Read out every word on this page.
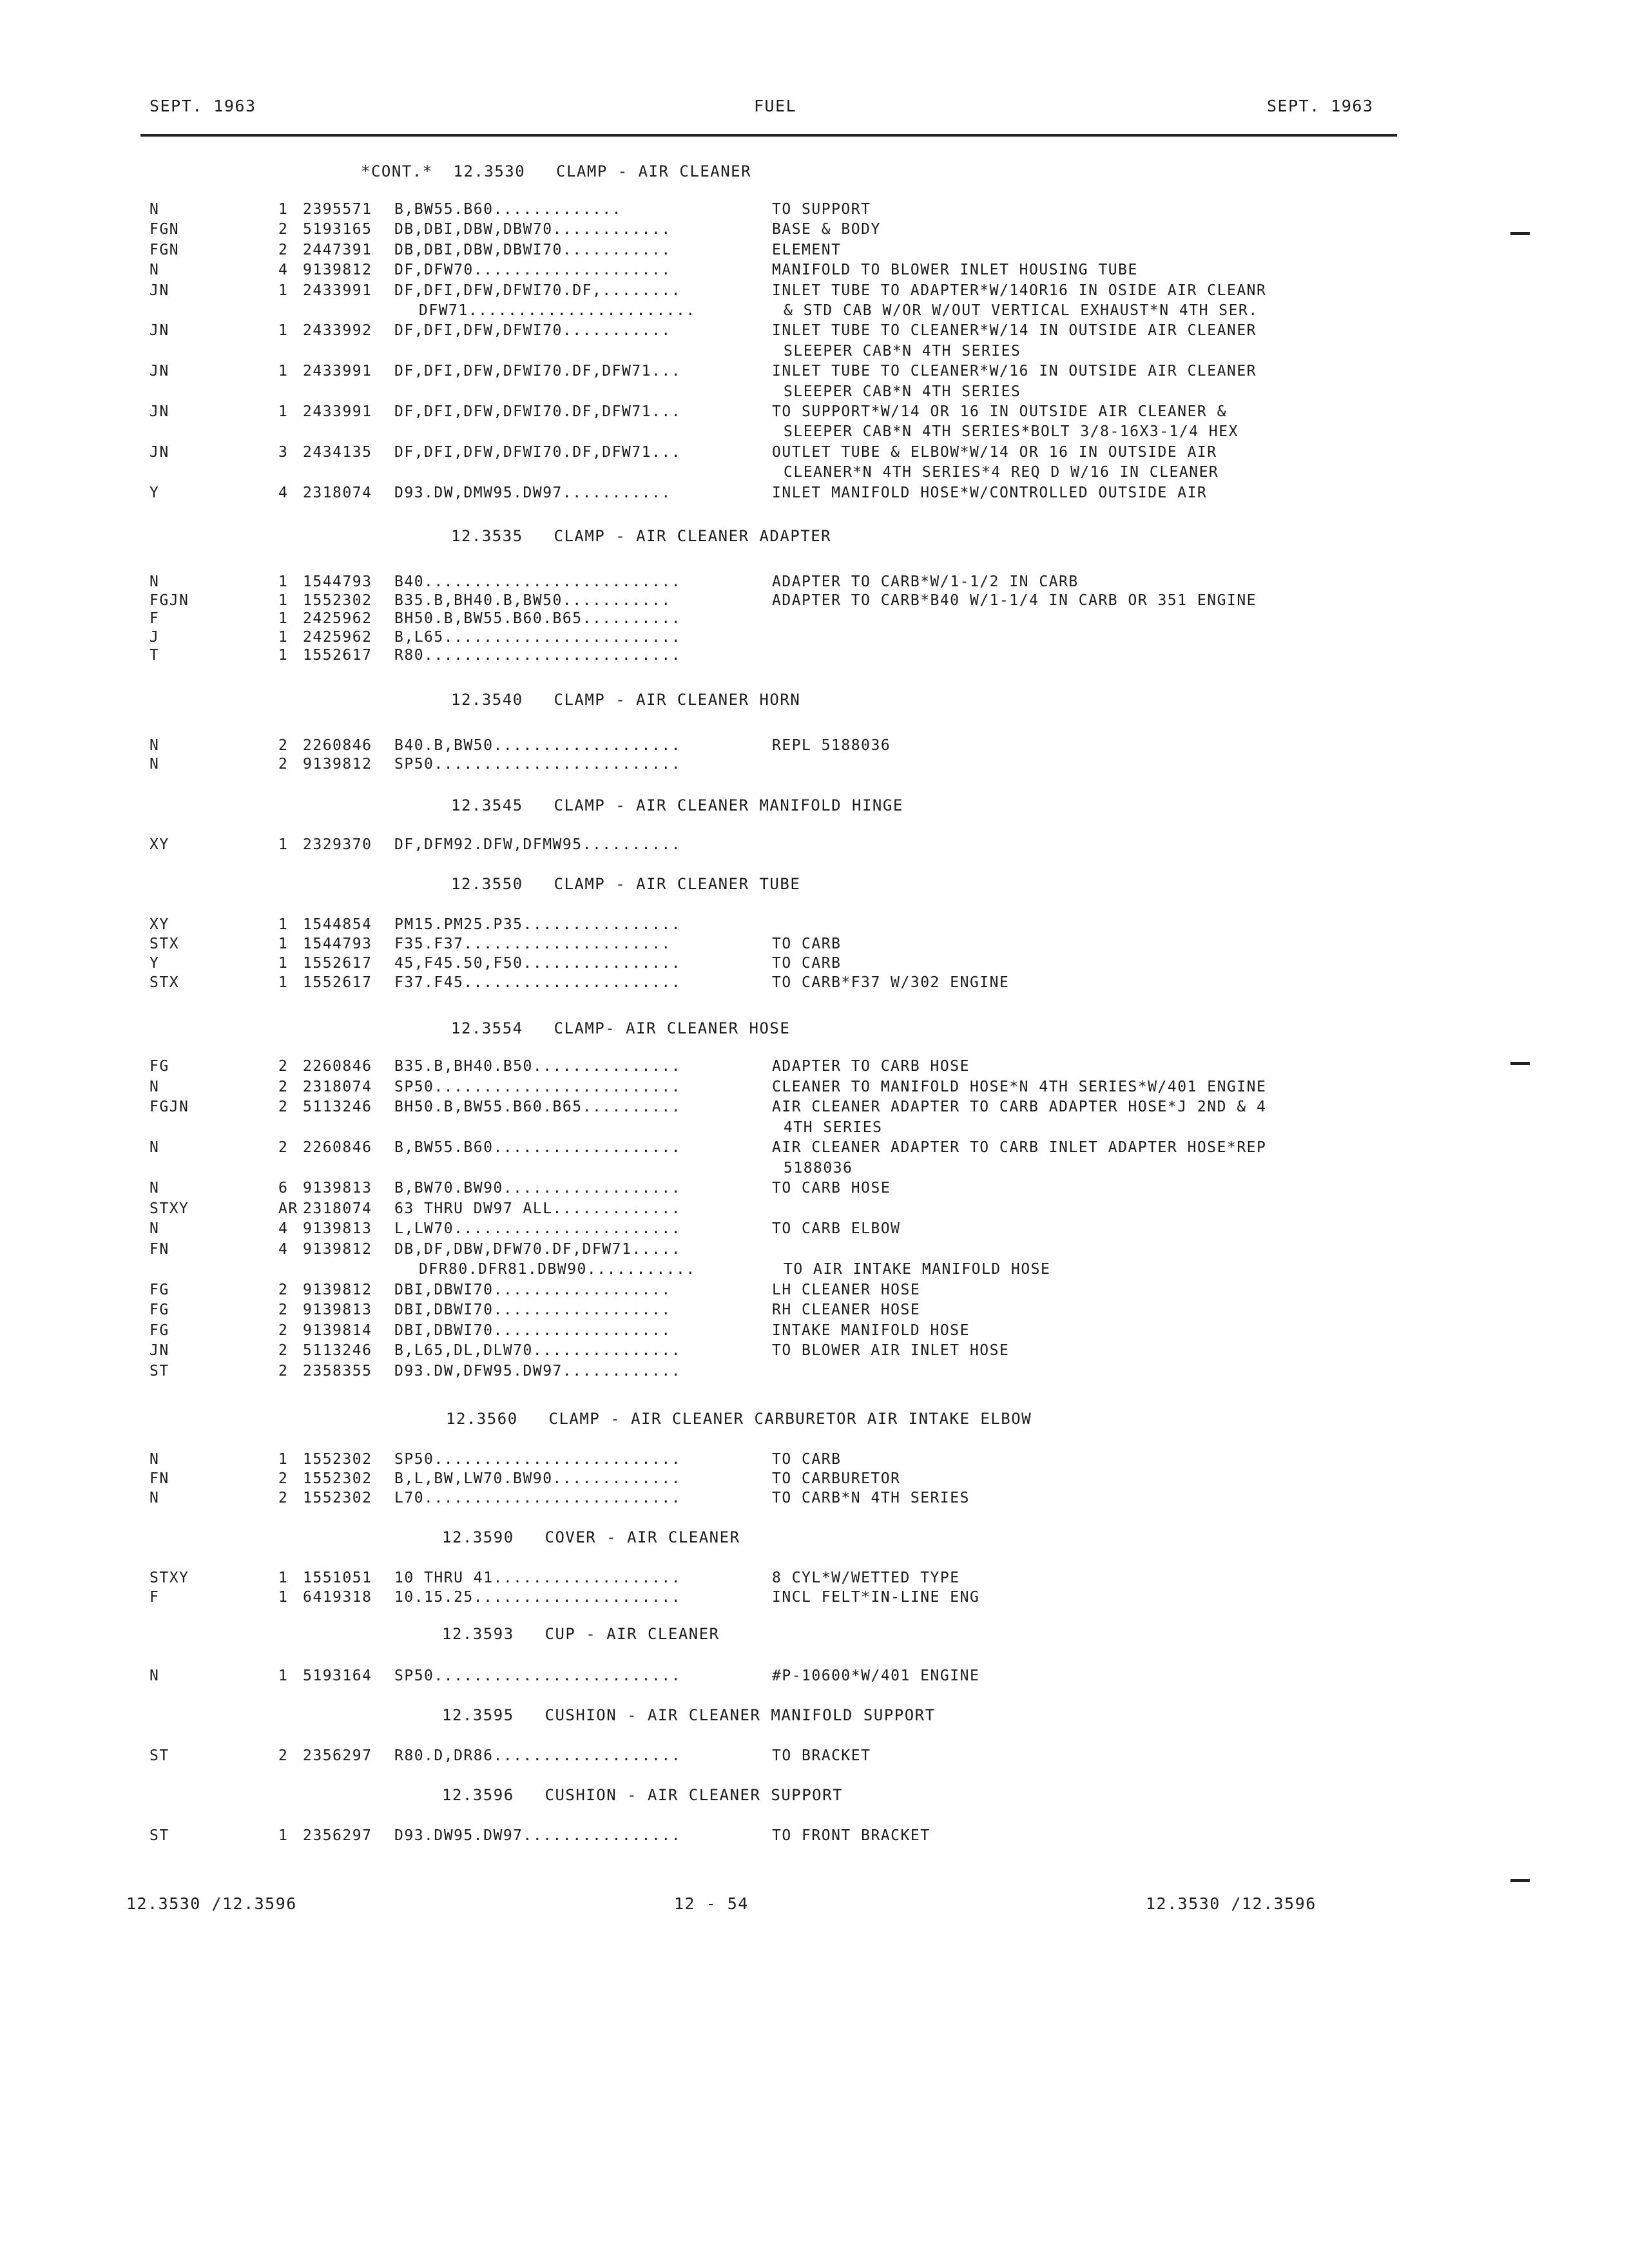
SEPT. 1963	FUEL	SEPT. 1963
*CONT.*  12.3530   CLAMP - AIR CLEANER
N	1 2395571 B,BW55.B60.............	TO SUPPORT
FGN	2 5193165 DB,DBI,DBW,DBW70............	BASE & BODY
FGN	2 2447391 DB,DBI,DBW,DBWI70...........	ELEMENT
N	4 9139812 DF,DFW70....................	MANIFOLD TO BLOWER INLET HOUSING TUBE
JN	1 2433991 DF,DFI,DFW,DFWI70.DF,........	INLET TUBE TO ADAPTER*W/14OR16 IN OSIDE AIR CLEANR
DFW71.......................	& STD CAB W/OR W/OUT VERTICAL EXHAUST*N 4TH SER.
JN	1 2433992 DF,DFI,DFW,DFWI70...........	INLET TUBE TO CLEANER*W/14 IN OUTSIDE AIR CLEANER
SLEEPER CAB*N 4TH SERIES
JN	1 2433991 DF,DFI,DFW,DFWI70.DF,DFW71...	INLET TUBE TO CLEANER*W/16 IN OUTSIDE AIR CLEANER
SLEEPER CAB*N 4TH SERIES
JN	1 2433991 DF,DFI,DFW,DFWI70.DF,DFW71...	TO SUPPORT*W/14 OR 16 IN OUTSIDE AIR CLEANER &
SLEEPER CAB*N 4TH SERIES*BOLT 3/8-16X3-1/4 HEX
JN	3 2434135 DF,DFI,DFW,DFWI70.DF,DFW71...	OUTLET TUBE & ELBOW*W/14 OR 16 IN OUTSIDE AIR
CLEANER*N 4TH SERIES*4 REQ D W/16 IN CLEANER
Y	4 2318074 D93.DW,DMW95.DW97...........	INLET MANIFOLD HOSE*W/CONTROLLED OUTSIDE AIR
12.3535   CLAMP - AIR CLEANER ADAPTER
N	1 1544793 B40..........................	ADAPTER TO CARB*W/1-1/2 IN CARB
FGJN	1 1552302 B35.B,BH40.B,BW50...........	ADAPTER TO CARB*B40 W/1-1/4 IN CARB OR 351 ENGINE
F	1 2425962 BH50.B,BW55.B60.B65..........
J	1 2425962 B,L65........................
T	1 1552617 R80..........................
12.3540   CLAMP - AIR CLEANER HORN
N	2 2260846 B40.B,BW50...................	REPL 5188036
N	2 9139812 SP50.........................
12.3545   CLAMP - AIR CLEANER MANIFOLD HINGE
XY	1 2329370 DF,DFM92.DFW,DFMW95..........
12.3550   CLAMP - AIR CLEANER TUBE
XY	1 1544854 PM15.PM25.P35................
STX	1 1544793 F35.F37.....................	TO CARB
Y	1 1552617 45,F45.50,F50................	TO CARB
STX	1 1552617 F37.F45......................	TO CARB*F37 W/302 ENGINE
12.3554   CLAMP- AIR CLEANER HOSE
FG	2 2260846 B35.B,BH40.B50...............	ADAPTER TO CARB HOSE
N	2 2318074 SP50.........................	CLEANER TO MANIFOLD HOSE*N 4TH SERIES*W/401 ENGINE
FGJN	2 5113246 BH50.B,BW55.B60.B65..........	AIR CLEANER ADAPTER TO CARB ADAPTER HOSE*J 2ND & 4
4TH SERIES
N	2 2260846 B,BW55.B60...................	AIR CLEANER ADAPTER TO CARB INLET ADAPTER HOSE*REP
5188036
N	6 9139813 B,BW70.BW90..................	TO CARB HOSE
STXY	AR 2318074 63 THRU DW97 ALL.............
N	4 9139813 L,LW70.......................	TO CARB ELBOW
FN	4 9139812 DB,DF,DBW,DFW70.DF,DFW71.....
DFR80.DFR81.DBW90...........	TO AIR INTAKE MANIFOLD HOSE
FG	2 9139812 DBI,DBWI70..................	LH CLEANER HOSE
FG	2 9139813 DBI,DBWI70..................	RH CLEANER HOSE
FG	2 9139814 DBI,DBWI70..................	INTAKE MANIFOLD HOSE
JN	2 5113246 B,L65,DL,DLW70...............	TO BLOWER AIR INLET HOSE
ST	2 2358355 D93.DW,DFW95.DW97............
12.3560   CLAMP - AIR CLEANER CARBURETOR AIR INTAKE ELBOW
N	1 1552302 SP50.........................	TO CARB
FN	2 1552302 B,L,BW,LW70.BW90.............	TO CARBURETOR
N	2 1552302 L70..........................	TO CARB*N 4TH SERIES
12.3590   COVER - AIR CLEANER
STXY	1 1551051 10 THRU 41...................	8 CYL*W/WETTED TYPE
F	1 6419318 10.15.25.....................	INCL FELT*IN-LINE ENG
12.3593   CUP - AIR CLEANER
N	1 5193164 SP50.........................	#P-10600*W/401 ENGINE
12.3595   CUSHION - AIR CLEANER MANIFOLD SUPPORT
ST	2 2356297 R80.D,DR86...................	TO BRACKET
12.3596   CUSHION - AIR CLEANER SUPPORT
ST	1 2356297 D93.DW95.DW97................	TO FRONT BRACKET
12.3530 /12.3596	12 - 54	12.3530 /12.3596
